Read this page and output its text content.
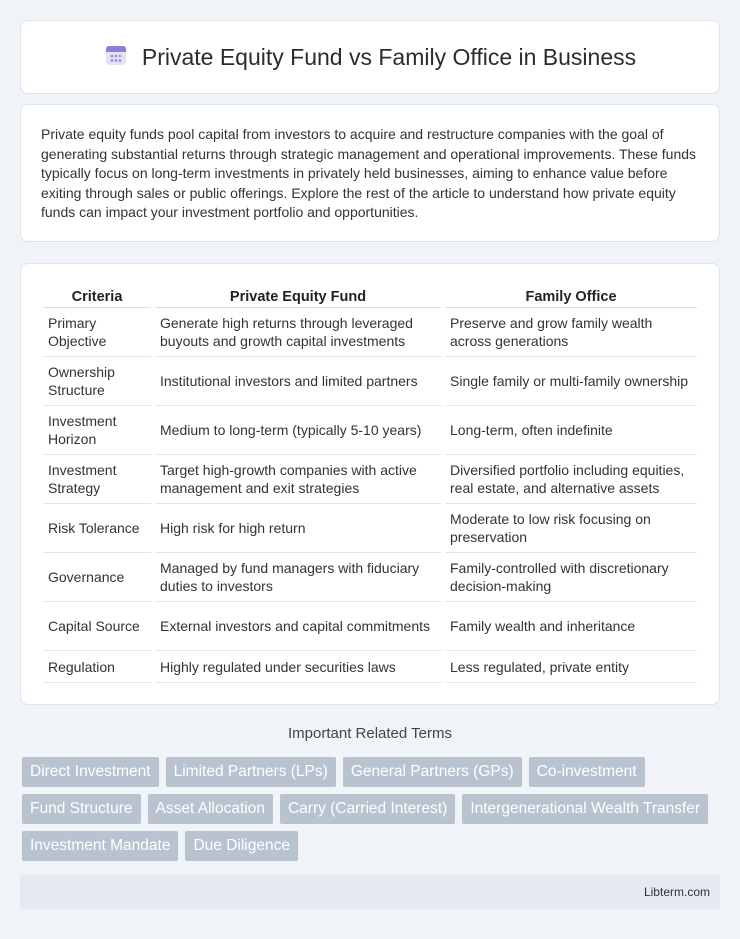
Private Equity Fund vs Family Office in Business

Private equity funds pool capital from investors to acquire and restructure companies with the goal of generating substantial returns through strategic management and operational improvements. These funds typically focus on long-term investments in privately held businesses, aiming to enhance value before exiting through sales or public offerings. Explore the rest of the article to understand how private equity funds can impact your investment portfolio and opportunities.

Criteria	Private Equity Fund	Family Office
Primary Objective	Generate high returns through leveraged buyouts and growth capital investments	Preserve and grow family wealth across generations
Ownership Structure	Institutional investors and limited partners	Single family or multi-family ownership
Investment Horizon	Medium to long-term (typically 5-10 years)	Long-term, often indefinite
Investment Strategy	Target high-growth companies with active management and exit strategies	Diversified portfolio including equities, real estate, and alternative assets
Risk Tolerance	High risk for high return	Moderate to low risk focusing on preservation
Governance	Managed by fund managers with fiduciary duties to investors	Family-controlled with discretionary decision-making
Capital Source	External investors and capital commitments	Family wealth and inheritance
Regulation	Highly regulated under securities laws	Less regulated, private entity
Important Related Terms
Direct Investment	Limited Partners (LPs)	General Partners (GPs)	Co-investment
Fund Structure	Asset Allocation	Carry (Carried Interest)	Intergenerational Wealth Transfer
Investment Mandate	Due Diligence
Libterm.com
